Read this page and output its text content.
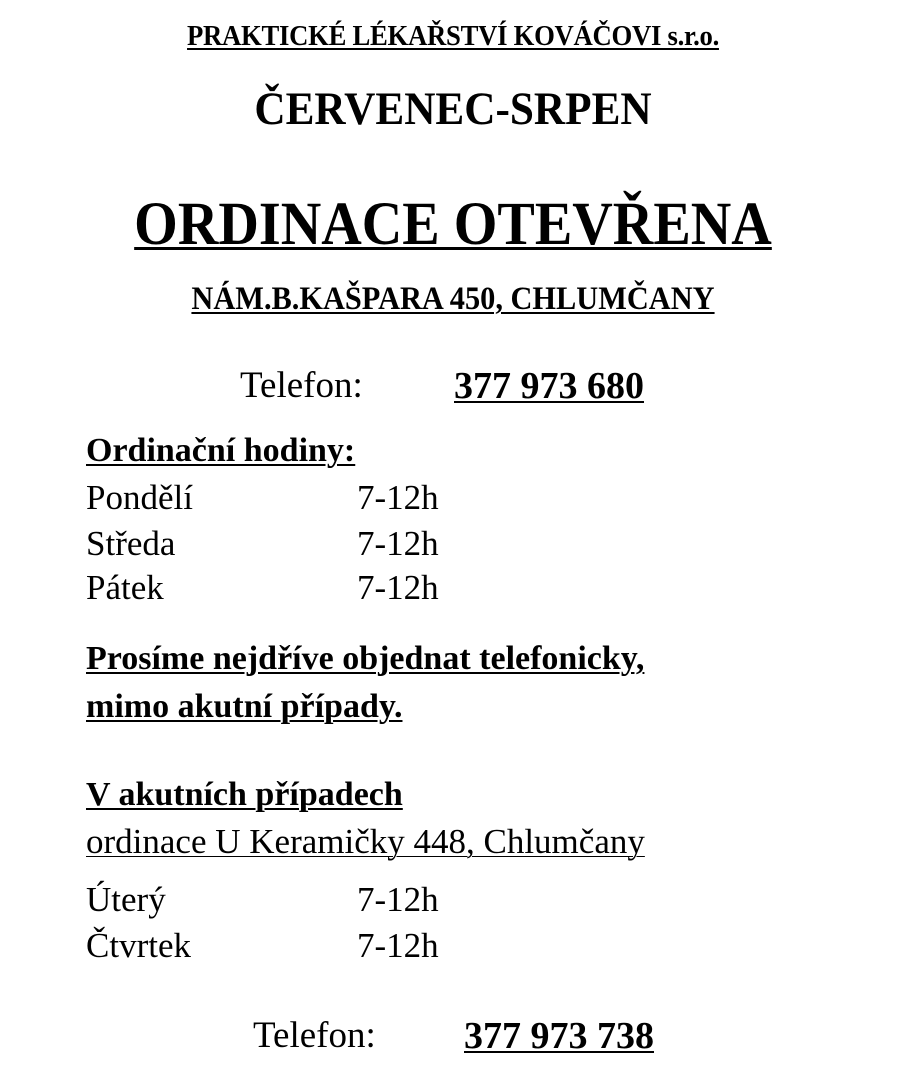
PRAKTICKÉ LÉKAŘSTVÍ KOVÁČOVI s.r.o.
ČERVENEC-SRPEN
ORDINACE OTEVŘENA
NÁM.B.KAŠPARA 450, CHLUMČANY
Telefon: 377 973 680
Ordinační hodiny:
Pondělí	7-12h
Středa	7-12h
Pátek	7-12h
Prosíme nejdříve objednat telefonicky,
mimo akutní případy.
V akutních případech
ordinace U Keramičky 448, Chlumčany
Úterý	7-12h
Čtvrtek	7-12h
Telefon: 377 973 738
